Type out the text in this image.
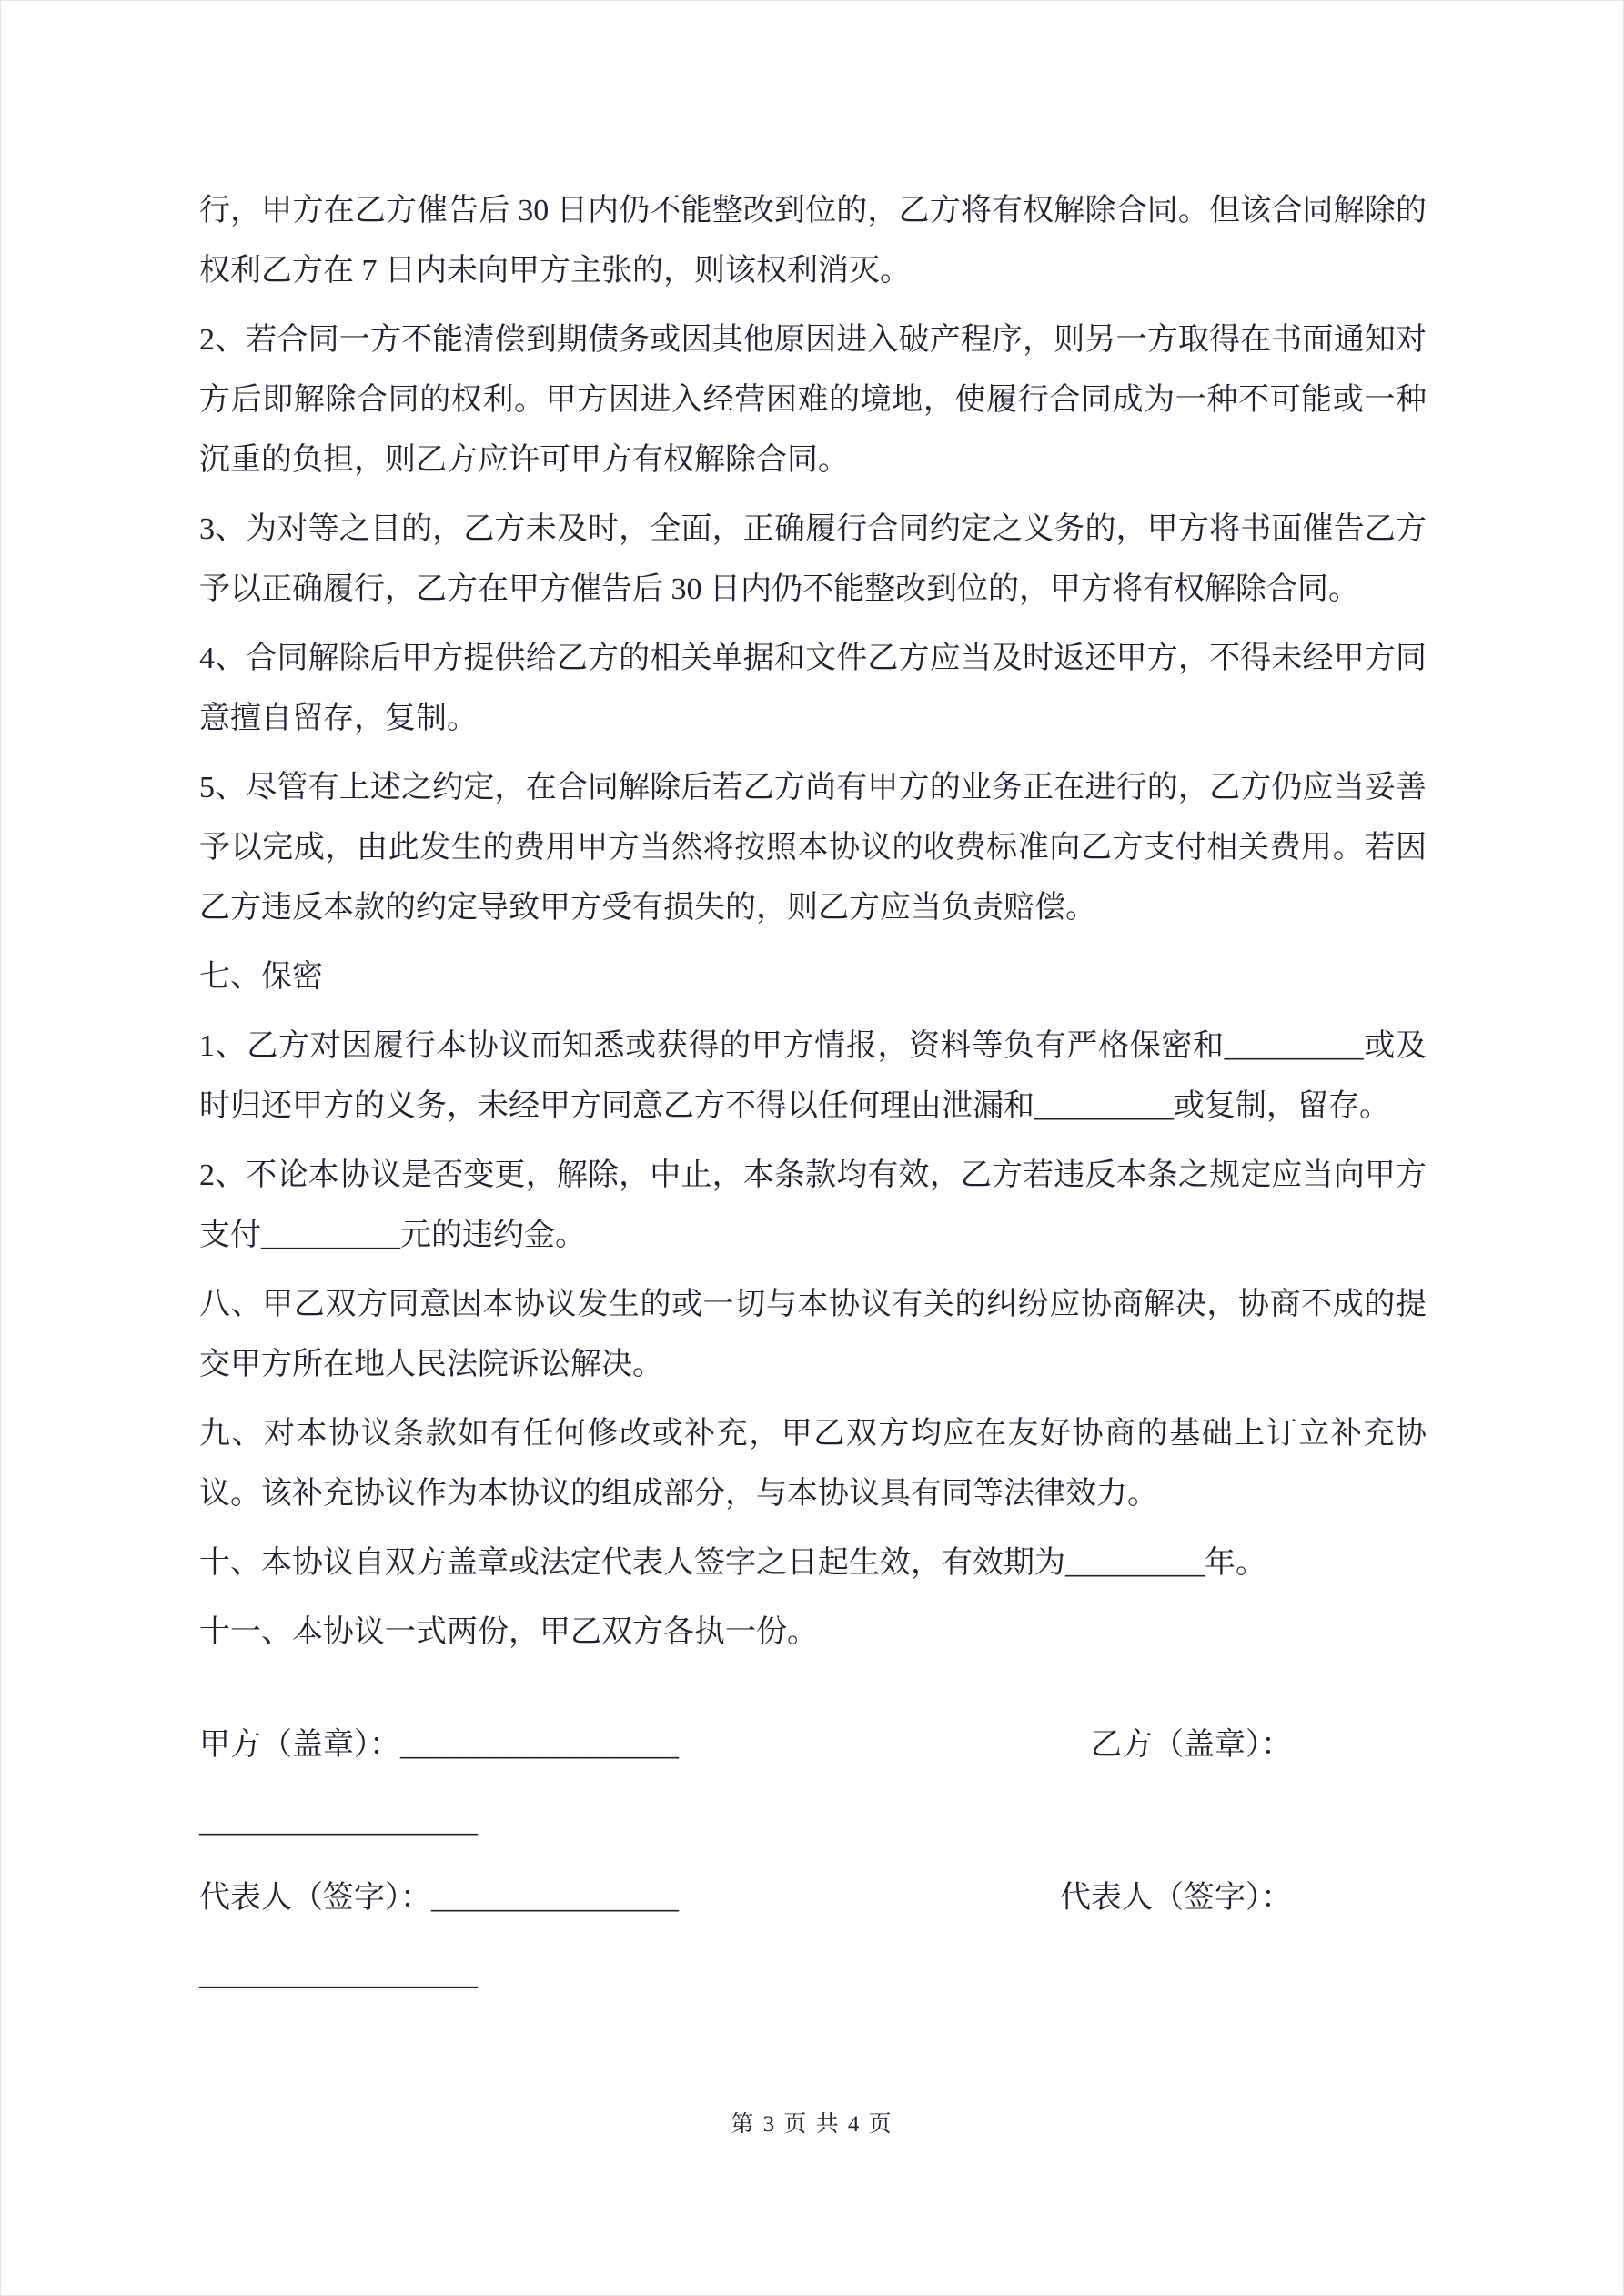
行，甲方在乙方催告后 30 日内仍不能整改到位的，乙方将有权解除合同。但该合同解除的权利乙方在 7 日内未向甲方主张的，则该权利消灭。

2、若合同一方不能清偿到期债务或因其他原因进入破产程序，则另一方取得在书面通知对方后即解除合同的权利。甲方因进入经营困难的境地，使履行合同成为一种不可能或一种沉重的负担，则乙方应许可甲方有权解除合同。

3、为对等之目的，乙方未及时，全面，正确履行合同约定之义务的，甲方将书面催告乙方予以正确履行，乙方在甲方催告后 30 日内仍不能整改到位的，甲方将有权解除合同。

4、合同解除后甲方提供给乙方的相关单据和文件乙方应当及时返还甲方，不得未经甲方同意擅自留存，复制。

5、尽管有上述之约定，在合同解除后若乙方尚有甲方的业务正在进行的，乙方仍应当妥善予以完成，由此发生的费用甲方当然将按照本协议的收费标准向乙方支付相关费用。若因乙方违反本款的约定导致甲方受有损失的，则乙方应当负责赔偿。

七、保密

1、乙方对因履行本协议而知悉或获得的甲方情报，资料等负有严格保密和_________或及时归还甲方的义务，未经甲方同意乙方不得以任何理由泄漏和_________或复制，留存。

2、不论本协议是否变更，解除，中止，本条款均有效，乙方若违反本条之规定应当向甲方支付_________元的违约金。

八、甲乙双方同意因本协议发生的或一切与本协议有关的纠纷应协商解决，协商不成的提交甲方所在地人民法院诉讼解决。

九、对本协议条款如有任何修改或补充，甲乙双方均应在友好协商的基础上订立补充协议。该补充协议作为本协议的组成部分，与本协议具有同等法律效力。

十、本协议自双方盖章或法定代表人签字之日起生效，有效期为_________年。

十一、本协议一式两份，甲乙双方各执一份。

甲方（盖章）：__________________	乙方（盖章）：
__________________
代表人（签字）：________________	代表人（签字）：
__________________
第 3 页 共 4 页
